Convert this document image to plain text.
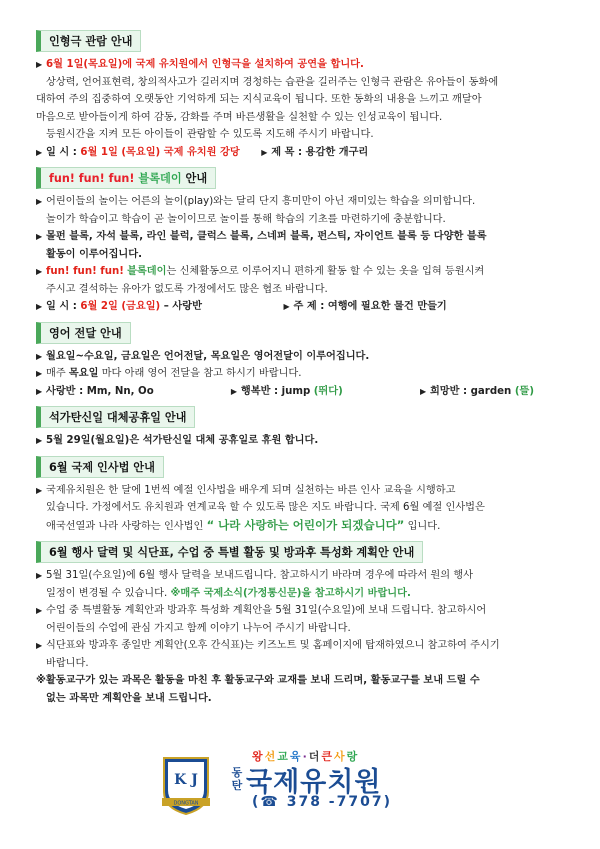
인형극 관람 안내
▶ 6월 1일(목요일)에 국제 유치원에서 인형극을 설치하여 공연을 합니다.
상상력, 언어표현력, 창의적사고가 길러지며 경청하는 습관을 길러주는 인형극 관람은 유아들이 동화에
대하여 주의 집중하여 오랫동안 기억하게 되는 지식교육이 됩니다. 또한 동화의 내용을 느끼고 깨달아
마음으로 받아들이게 하여 감동, 감화를 주며 바른생활을 실천할 수 있는 인성교육이 됩니다.
등원시간을 지켜 모든 아이들이 관람할 수 있도록 지도해 주시기 바랍니다.
▶ 일 시 : 6월 1일 (목요일) 국제 유치원 강당	▶ 제 목 : 용감한 개구리
fun! fun! fun! 블록데이 안내
▶ 어린이들의 놀이는 어른의 놀이(play)와는 달리 단지 흥미만이 아닌 재미있는 학습을 의미합니다.
놀이가 학습이고 학습이 곧 놀이이므로 놀이를 통해 학습의 기초를 마련하기에 충분합니다.
▶ 몰펀 블록, 자석 블록, 라인 블럭, 클럭스 블록, 스네퍼 블록, 펀스틱, 자이언트 블록 등 다양한 블록
활동이 이루어집니다.
▶ fun! fun! fun! 블록데이는 신체활동으로 이루어지니 편하게 활동 할 수 있는 옷을 입혀 등원시켜
주시고 결석하는 유아가 없도록 가정에서도 많은 협조 바랍니다.
▶ 일 시 : 6월 2일 (금요일) – 사랑반	▶ 주 제 : 여행에 필요한 물건 만들기
영어 전달 안내
▶ 월요일~수요일, 금요일은 언어전달, 목요일은 영어전달이 이루어집니다.
▶ 매주 목요일 마다 아래 영어 전달을 참고 하시기 바랍니다.
▶ 사랑반 : Mm, Nn, Oo	▶ 행복반 : jump (뛰다)	▶ 희망반 : garden (뜰)
석가탄신일 대체공휴일 안내
▶ 5월 29일(월요일)은 석가탄신일 대체 공휴일로 휴원 합니다.
6월 국제 인사법 안내
▶ 국제유치원은 한 달에 1번씩 예절 인사법을 배우게 되며 실천하는 바른 인사 교육을 시행하고
있습니다. 가정에서도 유치원과 연계교육 할 수 있도록 많은 지도 바랍니다. 국제 6월 예절 인사법은
애국선열과 나라 사랑하는 인사법인 “ 나라 사랑하는 어린이가 되겠습니다” 입니다.
6월 행사 달력 및 식단표, 수업 중 특별 활동 및 방과후 특성화 계획안 안내
▶ 5월 31일(수요일)에 6월 행사 달력을 보내드립니다. 참고하시기 바라며 경우에 따라서 원의 행사
일정이 변경될 수 있습니다. ※매주 국제소식(가정통신문)을 참고하시기 바랍니다.
▶ 수업 중 특별활동 계획안과 방과후 특성화 계획안을 5월 31일(수요일)에 보내 드립니다. 참고하시어
어린이들의 수업에 관심 가지고 함께 이야기 나누어 주시기 바랍니다.
▶ 식단표와 방과후 종일반 계획안(오후 간식표)는 키즈노트 및 홈페이지에 탑재하였으니 참고하여 주시기
바랍니다.
※활동교구가 있는 과목은 활동을 마친 후 활동교구와 교재를 보내 드리며, 활동교구를 보내 드릴 수
없는 과목만 계획안을 보내 드립니다.
K J
DONGTAN
왕선교육·더큰사랑
동
탄 국제유치원
(☎ 378 -7707)
